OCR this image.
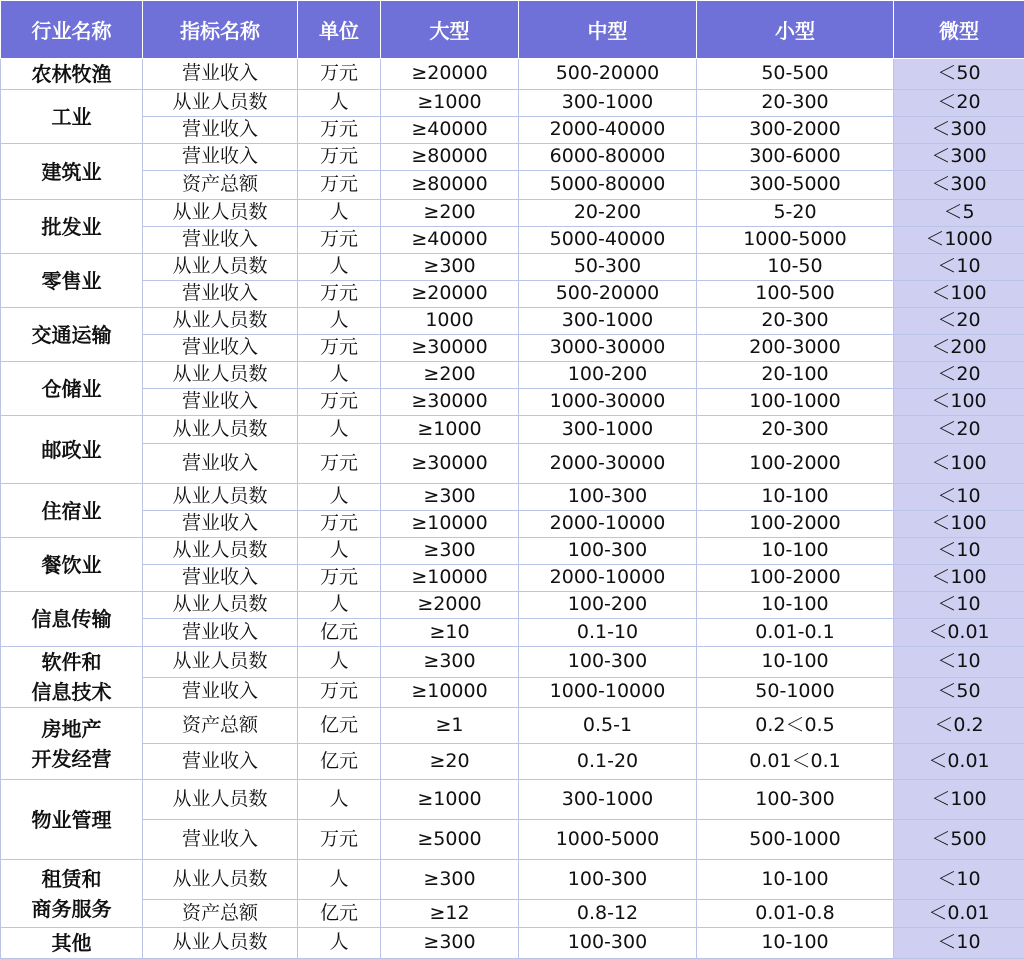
行业名称	指标名称	单位	大型	中型	小型	微型

农林牧渔	营业收入	万元	≥20000	500-20000	50-500	＜50

工业	从业人员数	人	≥1000	300-1000	20-300	＜20
	营业收入	万元	≥40000	2000-40000	300-2000	＜300

建筑业	营业收入	万元	≥80000	6000-80000	300-6000	＜300
	资产总额	万元	≥80000	5000-80000	300-5000	＜300

批发业	从业人员数	人	≥200	20-200	5-20	＜5
	营业收入	万元	≥40000	5000-40000	1000-5000	＜1000

零售业	从业人员数	人	≥300	50-300	10-50	＜10
	营业收入	万元	≥20000	500-20000	100-500	＜100

交通运输	从业人员数	人	1000	300-1000	20-300	＜20
	营业收入	万元	≥30000	3000-30000	200-3000	＜200

仓储业	从业人员数	人	≥200	100-200	20-100	＜20
	营业收入	万元	≥30000	1000-30000	100-1000	＜100

邮政业	从业人员数	人	≥1000	300-1000	20-300	＜20
	营业收入	万元	≥30000	2000-30000	100-2000	＜100

住宿业	从业人员数	人	≥300	100-300	10-100	＜10
	营业收入	万元	≥10000	2000-10000	100-2000	＜100

餐饮业	从业人员数	人	≥300	100-300	10-100	＜10
	营业收入	万元	≥10000	2000-10000	100-2000	＜100

信息传输	从业人员数	人	≥2000	100-200	10-100	＜10
	营业收入	亿元	≥10	0.1-10	0.01-0.1	＜0.01

软件和
信息技术	从业人员数	人	≥300	100-300	10-100	＜10
	营业收入	万元	≥10000	1000-10000	50-1000	＜50

房地产
开发经营	资产总额	亿元	≥1	0.5-1	0.2＜0.5	＜0.2
	营业收入	亿元	≥20	0.1-20	0.01＜0.1	＜0.01

物业管理	从业人员数	人	≥1000	300-1000	100-300	＜100
	营业收入	万元	≥5000	1000-5000	500-1000	＜500

租赁和
商务服务	从业人员数	人	≥300	100-300	10-100	＜10
	资产总额	亿元	≥12	0.8-12	0.01-0.8	＜0.01

其他	从业人员数	人	≥300	100-300	10-100	＜10
